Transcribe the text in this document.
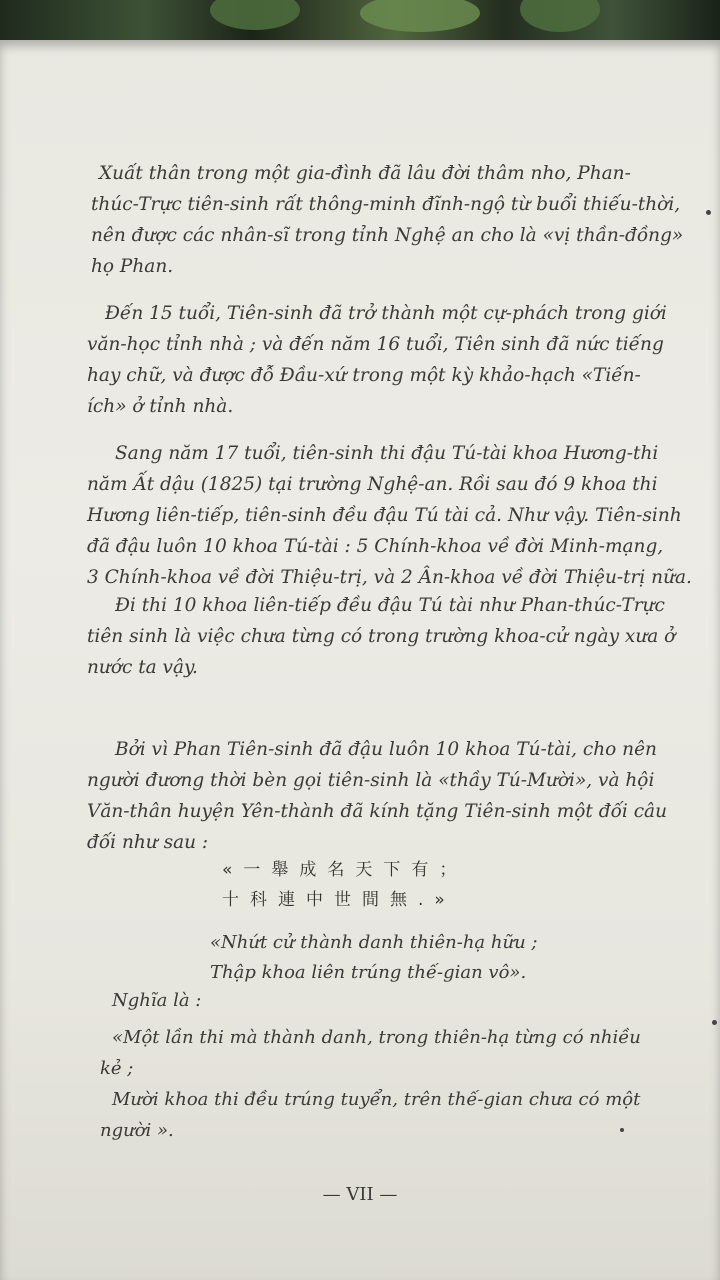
Xuất thân trong một gia-đình đã lâu đời thâm nho, Phan-
thúc-Trực tiên-sinh rất thông-minh đĩnh-ngộ từ buổi thiếu-thời,
nên được các nhân-sĩ trong tỉnh Nghệ an cho là «vị thần-đồng»
họ Phan.
Đến 15 tuổi, Tiên-sinh đã trở thành một cự-phách trong giới
văn-học tỉnh nhà ; và đến năm 16 tuổi, Tiên sinh đã nức tiếng
hay chữ, và được đỗ Đầu-xứ trong một kỳ khảo-hạch «Tiến-
ích» ở tỉnh nhà.
Sang năm 17 tuổi, tiên-sinh thi đậu Tú-tài khoa Hương-thi
năm Ất dậu (1825) tại trường Nghệ-an. Rồi sau đó 9 khoa thi
Hương liên-tiếp, tiên-sinh đều đậu Tú tài cả. Như vậy. Tiên-sinh
đã đậu luôn 10 khoa Tú-tài : 5 Chính-khoa về đời Minh-mạng,
3 Chính-khoa về đời Thiệu-trị, và 2 Ân-khoa về đời Thiệu-trị nữa.
Đi thi 10 khoa liên-tiếp đều đậu Tú tài như Phan-thúc-Trực
tiên sinh là việc chưa từng có trong trường khoa-cử ngày xưa ở
nước ta vậy.
Bởi vì Phan Tiên-sinh đã đậu luôn 10 khoa Tú-tài, cho nên
người đương thời bèn gọi tiên-sinh là «thầy Tú-Mười», và hội
Văn-thân huyện Yên-thành đã kính tặng Tiên-sinh một đối câu
đối như sau :
«一舉成名天下有；
十科連中世間無.»
«Nhứt cử thành danh thiên-hạ hữu ;
Thập khoa liên trúng thế-gian vô».
Nghĩa là :
«Một lần thi mà thành danh, trong thiên-hạ từng có nhiều
kẻ ;
Mười khoa thi đều trúng tuyển, trên thế-gian chưa có một
người ».
— VII —
